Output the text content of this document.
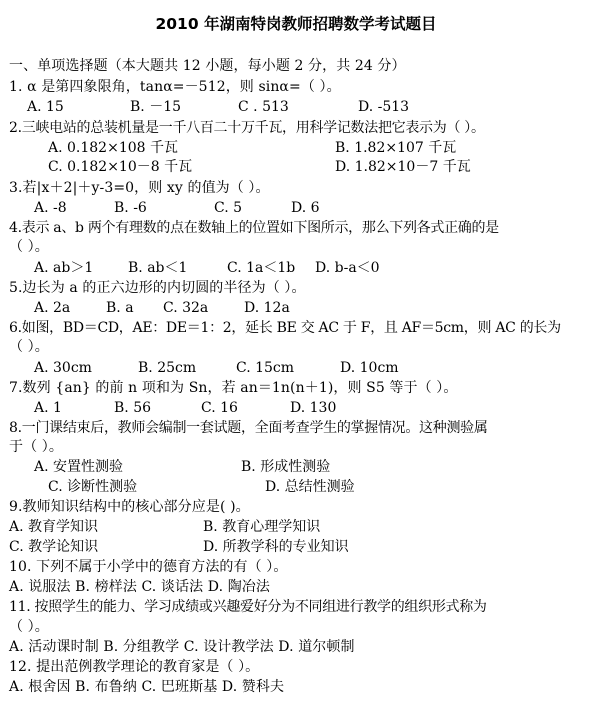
2010 年湖南特岗教师招聘数学考试题目
一、单项选择题（本大题共 12 小题，每小题 2 分，共 24 分）
1. α 是第四象限角，tanα=－512，则 sinα=（ ）。
A. 15	B. －15	C . 513	D. -513
2.三峡电站的总装机量是一千八百二十万千瓦，用科学记数法把它表示为（ ）。
A. 0.182×108 千瓦	B. 1.82×107 千瓦
C. 0.182×10－8 千瓦	D. 1.82×10－7 千瓦
3.若|x＋2|＋y-3=0，则 xy 的值为（ ）。
A. -8	B. -6	C. 5	D. 6
4.表示 a、b 两个有理数的点在数轴上的位置如下图所示，那么下列各式正确的是
（ ）。
A. ab＞1 B. ab＜1	C. 1a＜1b D. b-a＜0
5.边长为 a 的正六边形的内切圆的半径为（ ）。
A. 2a	B. a C. 32a	D. 12a
6.如图，BD＝CD，AE：DE＝1：2，延长 BE 交 AC 于 F，且 AF＝5cm，则 AC 的长为
（ ）。
A. 30cm	B. 25cm	C. 15cm	D. 10cm
7.数列 {an} 的前 n 项和为 Sn，若 an＝1n(n＋1)，则 S5 等于（ ）。
A. 1	B. 56	C. 16	D. 130
8.一门课结束后，教师会编制一套试题，全面考查学生的掌握情况。这种测验属
于（ ）。
A. 安置性测验	B. 形成性测验
C. 诊断性测验	D. 总结性测验
9.教师知识结构中的核心部分应是( )。
A. 教育学知识	B. 教育心理学知识
C. 教学论知识	D. 所教学科的专业知识
10. 下列不属于小学中的德育方法的有（ ）。
A. 说服法 B. 榜样法 C. 谈话法 D. 陶冶法
11. 按照学生的能力、学习成绩或兴趣爱好分为不同组进行教学的组织形式称为
（ ）。
A. 活动课时制 B. 分组教学 C. 设计教学法 D. 道尔顿制
12. 提出范例教学理论的教育家是（ ）。
A. 根舍因 B. 布鲁纳 C. 巴班斯基 D. 赞科夫
